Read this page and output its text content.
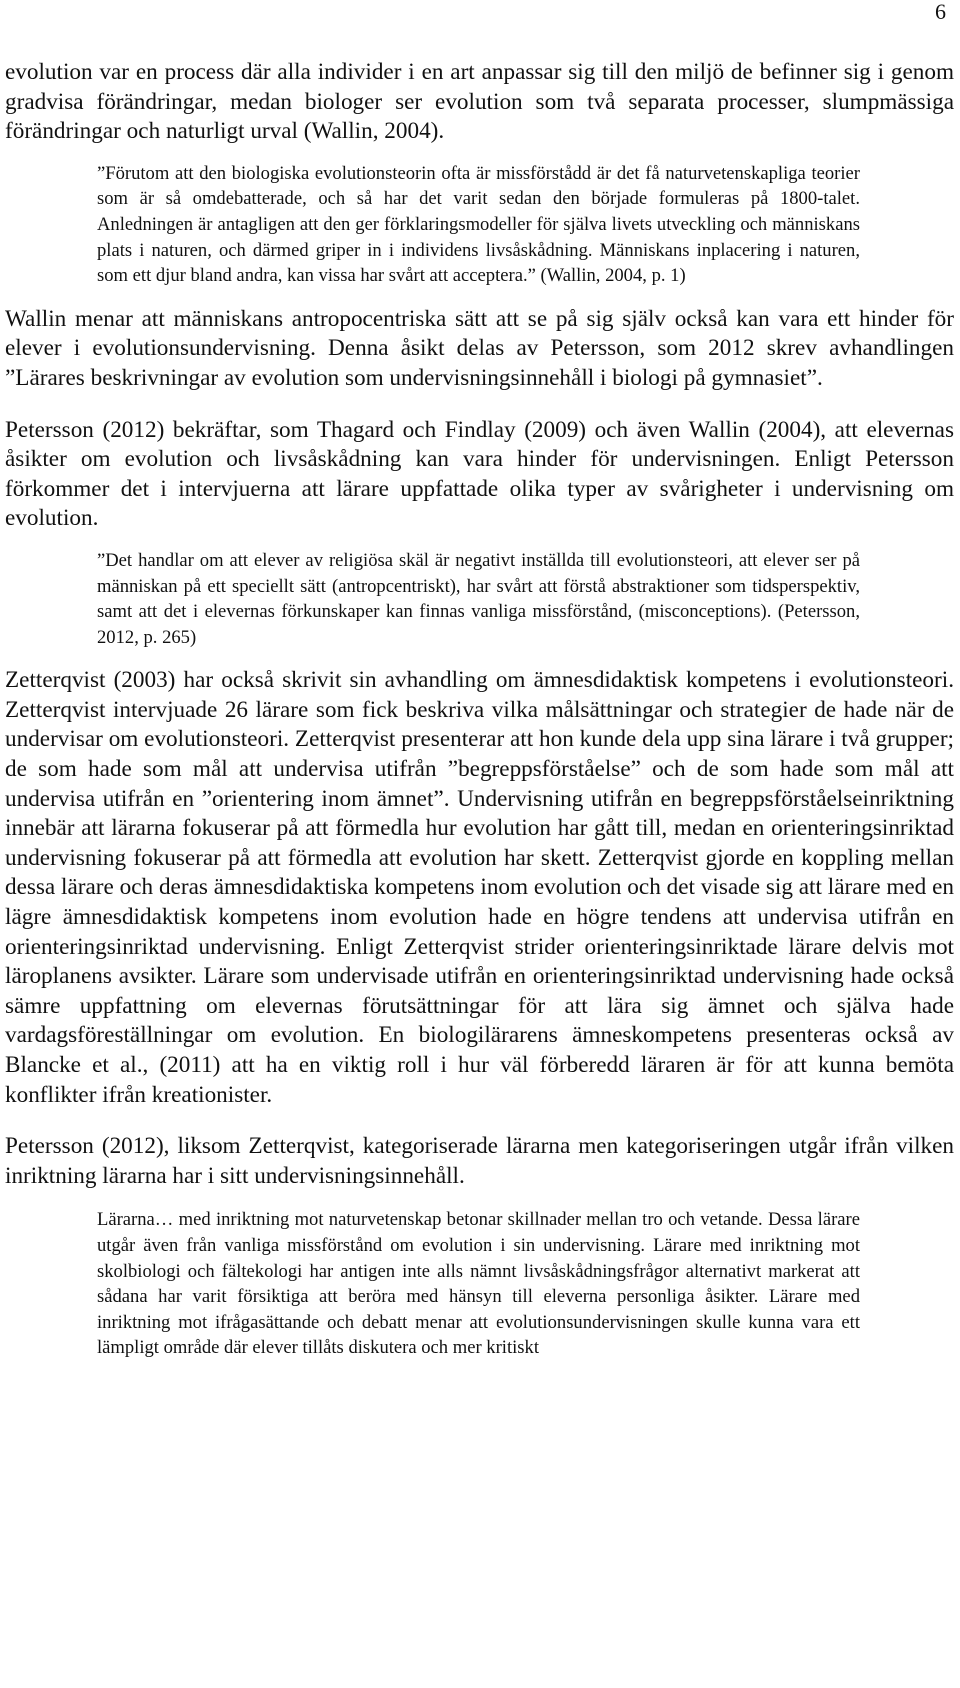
6

evolution var en process där alla individer i en art anpassar sig till den miljö de befinner sig i genom gradvisa förändringar, medan biologer ser evolution som två separata processer, slumpmässiga förändringar och naturligt urval (Wallin, 2004).

”Förutom att den biologiska evolutionsteorin ofta är missförstådd är det få naturvetenskapliga teorier som är så omdebatterade, och så har det varit sedan den började formuleras på 1800-talet. Anledningen är antagligen att den ger förklaringsmodeller för själva livets utveckling och människans plats i naturen, och därmed griper in i individens livsåskådning. Människans inplacering i naturen, som ett djur bland andra, kan vissa har svårt att acceptera.” (Wallin, 2004, p. 1)

Wallin menar att människans antropocentriska sätt att se på sig själv också kan vara ett hinder för elever i evolutionsundervisning. Denna åsikt delas av Petersson, som 2012 skrev avhandlingen ”Lärares beskrivningar av evolution som undervisningsinnehåll i biologi på gymnasiet”.

Petersson (2012) bekräftar, som Thagard och Findlay (2009) och även Wallin (2004), att elevernas åsikter om evolution och livsåskådning kan vara hinder för undervisningen. Enligt Petersson förkommer det i intervjuerna att lärare uppfattade olika typer av svårigheter i undervisning om evolution.

”Det handlar om att elever av religiösa skäl är negativt inställda till evolutionsteori, att elever ser på människan på ett speciellt sätt (antropcentriskt), har svårt att förstå abstraktioner som tidsperspektiv, samt att det i elevernas förkunskaper kan finnas vanliga missförstånd, (misconceptions). (Petersson, 2012, p. 265)

Zetterqvist (2003) har också skrivit sin avhandling om ämnesdidaktisk kompetens i evolutionsteori. Zetterqvist intervjuade 26 lärare som fick beskriva vilka målsättningar och strategier de hade när de undervisar om evolutionsteori. Zetterqvist presenterar att hon kunde dela upp sina lärare i två grupper; de som hade som mål att undervisa utifrån ”begreppsförståelse” och de som hade som mål att undervisa utifrån en ”orientering inom ämnet”. Undervisning utifrån en begreppsförståelseinriktning innebär att lärarna fokuserar på att förmedla hur evolution har gått till, medan en orienteringsinriktad undervisning fokuserar på att förmedla att evolution har skett. Zetterqvist gjorde en koppling mellan dessa lärare och deras ämnesdidaktiska kompetens inom evolution och det visade sig att lärare med en lägre ämnesdidaktisk kompetens inom evolution hade en högre tendens att undervisa utifrån en orienteringsinriktad undervisning. Enligt Zetterqvist strider orienteringsinriktade lärare delvis mot läroplanens avsikter. Lärare som undervisade utifrån en orienteringsinriktad undervisning hade också sämre uppfattning om elevernas förutsättningar för att lära sig ämnet och själva hade vardagsföreställningar om evolution. En biologilärarens ämneskompetens presenteras också av Blancke et al., (2011) att ha en viktig roll i hur väl förberedd läraren är för att kunna bemöta konflikter ifrån kreationister.

Petersson (2012), liksom Zetterqvist, kategoriserade lärarna men kategoriseringen utgår ifrån vilken inriktning lärarna har i sitt undervisningsinnehåll.

Lärarna… med inriktning mot naturvetenskap betonar skillnader mellan tro och vetande. Dessa lärare utgår även från vanliga missförstånd om evolution i sin undervisning. Lärare med inriktning mot skolbiologi och fältekologi har antigen inte alls nämnt livsåskådningsfrågor alternativt markerat att sådana har varit försiktiga att beröra med hänsyn till eleverna personliga åsikter. Lärare med inriktning mot ifrågasättande och debatt menar att evolutionsundervisningen skulle kunna vara ett lämpligt område där elever tillåts diskutera och mer kritiskt
